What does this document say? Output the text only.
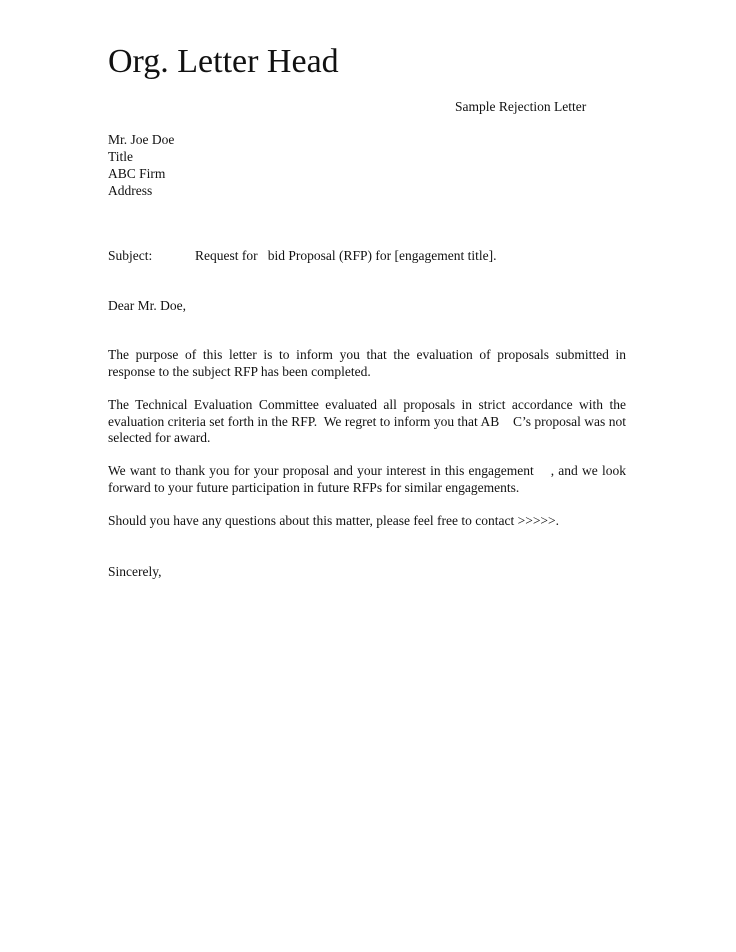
Org. Letter Head
Sample Rejection Letter
Mr. Joe Doe
Title
ABC Firm
Address
Subject:	Request for   bid Proposal (RFP) for [engagement title].
Dear Mr. Doe,
The purpose of this letter is to inform you that the evaluation of proposals submitted in response to the subject RFP has been completed.
The Technical Evaluation Committee evaluated all proposals in strict accordance with the evaluation criteria set forth in the RFP.  We regret to inform you that AB    C’s proposal was not selected for award.
We want to thank you for your proposal and your interest in this engagement    , and we look forward to your future participation in future RFPs for similar engagements.
Should you have any questions about this matter, please feel free to contact >>>>>.
Sincerely,
